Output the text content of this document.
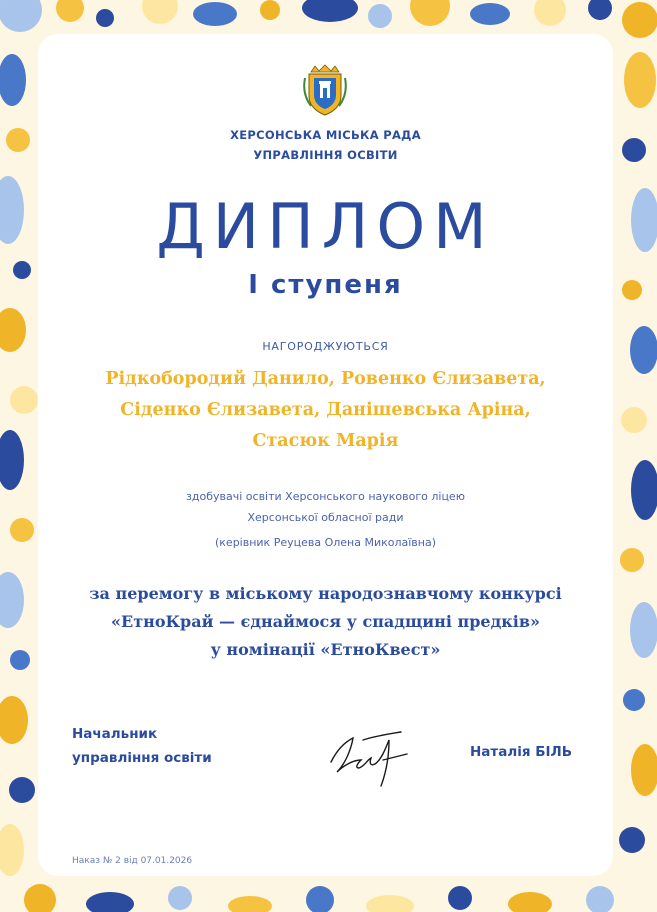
ХЕРСОНСЬКА МІСЬКА РАДА
УПРАВЛІННЯ ОСВІТИ
ДИПЛОМ
І ступеня
НАГОРОДЖУЮТЬСЯ
Рідкобородий Данило, Ровенко Єлизавета,
Сіденко Єлизавета, Данішевська Аріна,
Стасюк Марія
здобувачі освіти Херсонського наукового ліцею
Херсонської обласної ради
(керівник Реуцева Олена Миколаївна)
за перемогу в міському народознавчому конкурсі
«ЕтноКрай — єднаймося у спадщині предків»
у номінації «ЕтноКвест»
Начальник
управління освіти	Наталія БІЛЬ
Наказ № 2 від 07.01.2026
